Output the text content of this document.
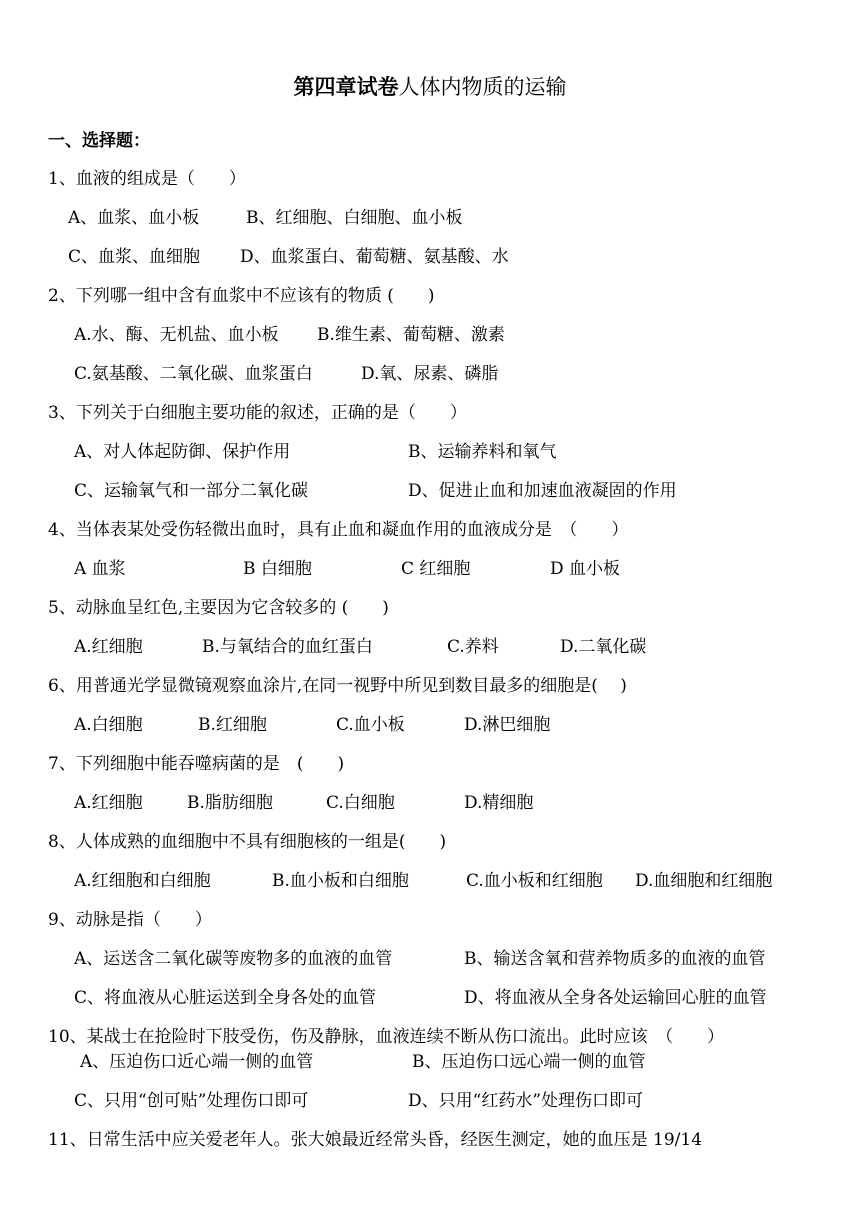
第四章试卷人体内物质的运输
一、选择题：
1、血液的组成是（　　）
A、血浆、血小板	B、红细胞、白细胞、血小板
C、血浆、血细胞 D、血浆蛋白、葡萄糖、氨基酸、水
2、下列哪一组中含有血浆中不应该有的物质 (　　)
A.水、酶、无机盐、血小板 B.维生素、葡萄糖、激素
C.氨基酸、二氧化碳、血浆蛋白	D.氧、尿素、磷脂
3、下列关于白细胞主要功能的叙述，正确的是（　　）
A、对人体起防御、保护作用	B、运输养料和氧气
C、运输氧气和一部分二氧化碳	D、促进止血和加速血液凝固的作用
4、当体表某处受伤轻微出血时，具有止血和凝血作用的血液成分是　（　　）
A 血浆	B 白细胞	C 红细胞	D 血小板
5、动脉血呈红色,主要因为它含较多的 (　　)
A.红细胞	B.与氧结合的血红蛋白	C.养料	D.二氧化碳
6、用普通光学显微镜观察血涂片,在同一视野中所见到数目最多的细胞是(　 )
A.白细胞	B.红细胞	C.血小板	D.淋巴细胞
7、下列细胞中能吞噬病菌的是　(　　)
A.红细胞	B.脂肪细胞	C.白细胞	D.精细胞
8、人体成熟的血细胞中不具有细胞核的一组是(　　)
A.红细胞和白细胞	B.血小板和白细胞	C.血小板和红细胞 D.血细胞和红细胞
9、动脉是指（　　）
A、运送含二氧化碳等废物多的血液的血管	B、输送含氧和营养物质多的血液的血管
C、将血液从心脏运送到全身各处的血管	D、将血液从全身各处运输回心脏的血管
10、某战士在抢险时下肢受伤，伤及静脉，血液连续不断从伤口流出。此时应该　（　　）
A、压迫伤口近心端一侧的血管	B、压迫伤口远心端一侧的血管
C、只用“创可贴”处理伤口即可	D、只用“红药水”处理伤口即可
11、日常生活中应关爱老年人。张大娘最近经常头昏，经医生测定，她的血压是 19/14
